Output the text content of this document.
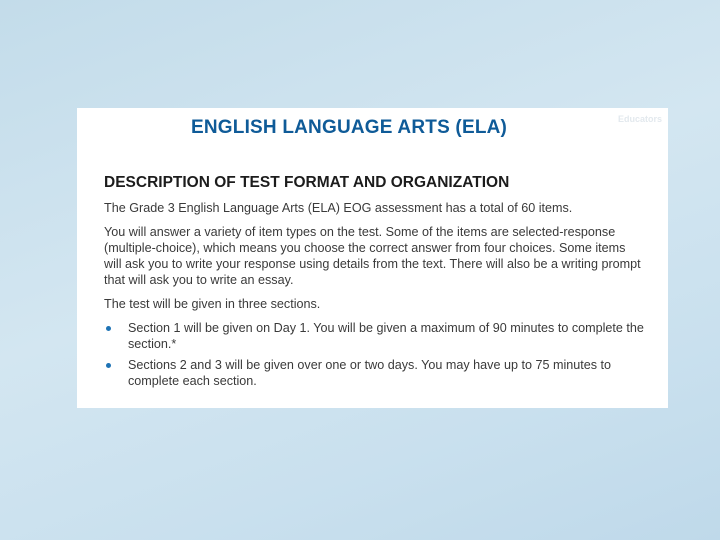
Educators
ENGLISH LANGUAGE ARTS (ELA)
DESCRIPTION OF TEST FORMAT AND ORGANIZATION

The Grade 3 English Language Arts (ELA) EOG assessment has a total of 60 items.

You will answer a variety of item types on the test. Some of the items are selected-response (multiple-choice), which means you choose the correct answer from four choices. Some items will ask you to write your response using details from the text. There will also be a writing prompt that will ask you to write an essay.

The test will be given in three sections.

Section 1 will be given on Day 1. You will be given a maximum of 90 minutes to complete the section.*
Sections 2 and 3 will be given over one or two days. You may have up to 75 minutes to complete each section.
